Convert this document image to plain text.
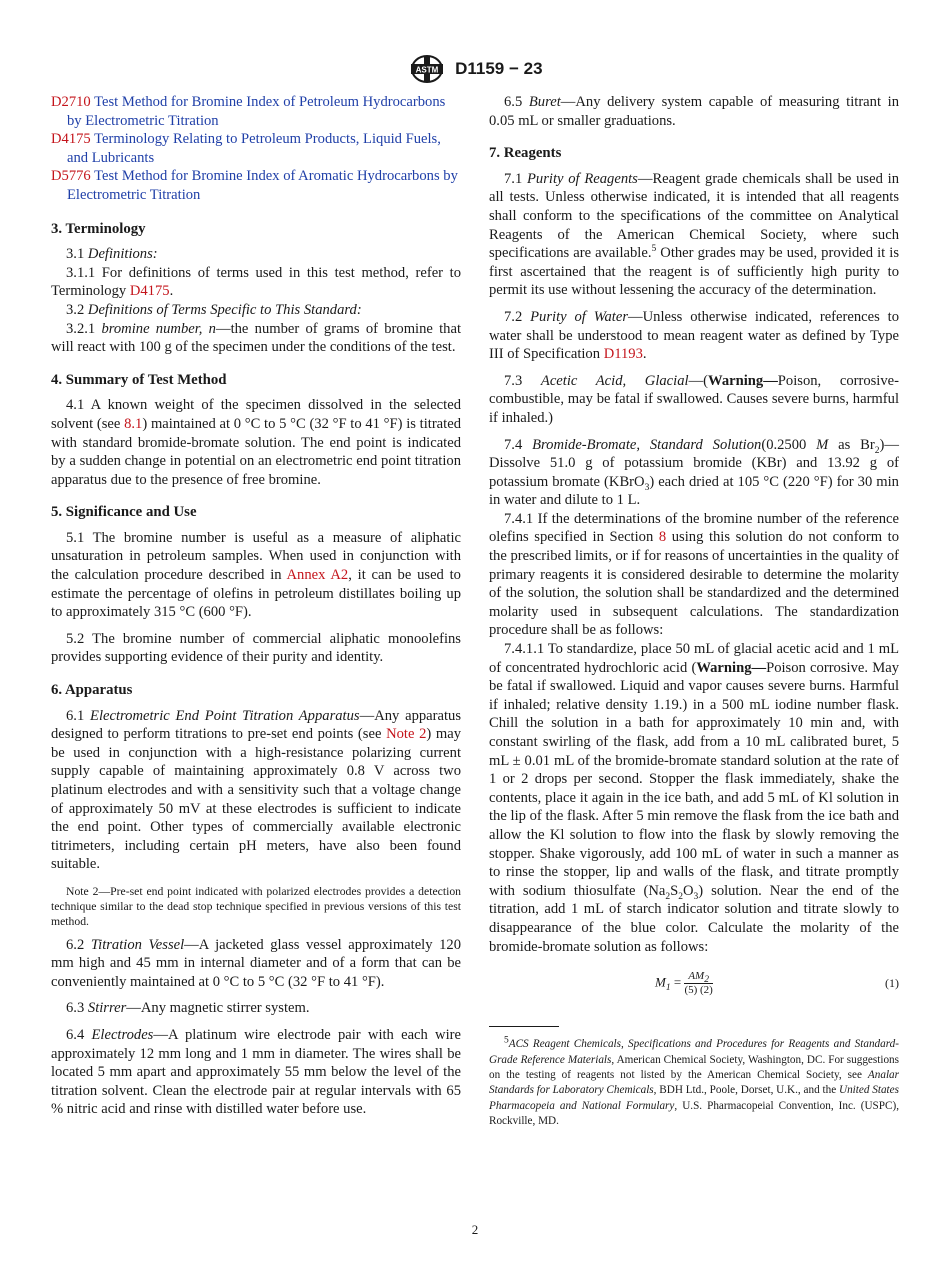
ASTM D1159 − 23

D2710 Test Method for Bromine Index of Petroleum Hydrocarbons by Electrometric Titration

D4175 Terminology Relating to Petroleum Products, Liquid Fuels, and Lubricants

D5776 Test Method for Bromine Index of Aromatic Hydrocarbons by Electrometric Titration

3. Terminology

3.1 Definitions:

3.1.1 For definitions of terms used in this test method, refer to Terminology D4175.

3.2 Definitions of Terms Specific to This Standard:

3.2.1 bromine number, n—the number of grams of bromine that will react with 100 g of the specimen under the conditions of the test.

4. Summary of Test Method

4.1 A known weight of the specimen dissolved in the selected solvent (see 8.1) maintained at 0 °C to 5 °C (32 °F to 41 °F) is titrated with standard bromide-bromate solution. The end point is indicated by a sudden change in potential on an electrometric end point titration apparatus due to the presence of free bromine.

5. Significance and Use

5.1 The bromine number is useful as a measure of aliphatic unsaturation in petroleum samples. When used in conjunction with the calculation procedure described in Annex A2, it can be used to estimate the percentage of olefins in petroleum distillates boiling up to approximately 315 °C (600 °F).

5.2 The bromine number of commercial aliphatic monoolefins provides supporting evidence of their purity and identity.

6. Apparatus

6.1 Electrometric End Point Titration Apparatus—Any apparatus designed to perform titrations to pre-set end points (see Note 2) may be used in conjunction with a high-resistance polarizing current supply capable of maintaining approximately 0.8 V across two platinum electrodes and with a sensitivity such that a voltage change of approximately 50 mV at these electrodes is sufficient to indicate the end point. Other types of commercially available electronic titrimeters, including certain pH meters, have also been found suitable.

Note 2—Pre-set end point indicated with polarized electrodes provides a detection technique similar to the dead stop technique specified in previous versions of this test method.

6.2 Titration Vessel—A jacketed glass vessel approximately 120 mm high and 45 mm in internal diameter and of a form that can be conveniently maintained at 0 °C to 5 °C (32 °F to 41 °F).

6.3 Stirrer—Any magnetic stirrer system.

6.4 Electrodes—A platinum wire electrode pair with each wire approximately 12 mm long and 1 mm in diameter. The wires shall be located 5 mm apart and approximately 55 mm below the level of the titration solvent. Clean the electrode pair at regular intervals with 65 % nitric acid and rinse with distilled water before use.

6.5 Buret—Any delivery system capable of measuring titrant in 0.05 mL or smaller graduations.

7. Reagents

7.1 Purity of Reagents—Reagent grade chemicals shall be used in all tests. Unless otherwise indicated, it is intended that all reagents shall conform to the specifications of the committee on Analytical Reagents of the American Chemical Society, where such specifications are available.$^5$ Other grades may be used, provided it is first ascertained that the reagent is of sufficiently high purity to permit its use without lessening the accuracy of the determination.

7.2 Purity of Water—Unless otherwise indicated, references to water shall be understood to mean reagent water as defined by Type III of Specification D1193.

7.3 Acetic Acid, Glacial—(Warning—Poison, corrosive-combustible, may be fatal if swallowed. Causes severe burns, harmful if inhaled.)

7.4 Bromide-Bromate, Standard Solution(0.2500 M as $Br_2)—Dissolve$ 51.0 g of potassium bromide (KBr) and 13.92 g of potassium bromate (KBrO$_3$) each dried at 105 °C (220 °F) for 30 min in water and dilute to 1 L.

7.4.1 If the determinations of the bromine number of the reference olefins specified in Section 8 using this solution do not conform to the prescribed limits, or if for reasons of uncertainties in the quality of primary reagents it is considered desirable to determine the molarity of the solution, the solution shall be standardized and the determined molarity used in subsequent calculations. The standardization procedure shall be as follows:

7.4.1.1 To standardize, place 50 mL of glacial acetic acid and 1 mL of concentrated hydrochloric acid (Warning—Poison corrosive. May be fatal if swallowed. Liquid and vapor causes severe burns. Harmful if inhaled; relative density 1.19.) in a 500 mL iodine number flask. Chill the solution in a bath for approximately 10 min and, with constant swirling of the flask, add from a 10 mL calibrated buret, 5 mL ± 0.01 mL of the bromide-bromate standard solution at the rate of 1 or 2 drops per second. Stopper the flask immediately, shake the contents, place it again in the ice bath, and add 5 mL of Kl solution in the lip of the flask. After 5 min remove the flask from the ice bath and allow the Kl solution to flow into the flask by slowly removing the stopper. Shake vigorously, add 100 mL of water in such a manner as to rinse the stopper, lip and walls of the flask, and titrate promptly with sodium thiosulfate $(Na_2S_2O_3)$ solution. Near the end of the titration, add 1 mL of starch indicator solution and titrate slowly to disappearance of the blue color. Calculate the molarity of the bromide-bromate solution as follows:

$M_1 = \frac{AM_2}{(5) (2)}$	(1)

$^5$ACS Reagent Chemicals, Specifications and Procedures for Reagents and Standard-Grade Reference Materials, American Chemical Society, Washington, DC. For suggestions on the testing of reagents not listed by the American Chemical Society, see Analar Standards for Laboratory Chemicals, BDH Ltd., Poole, Dorset, U.K., and the United States Pharmacopeia and National Formulary, U.S. Pharmacopeial Convention, Inc. (USPC), Rockville, MD.

2
